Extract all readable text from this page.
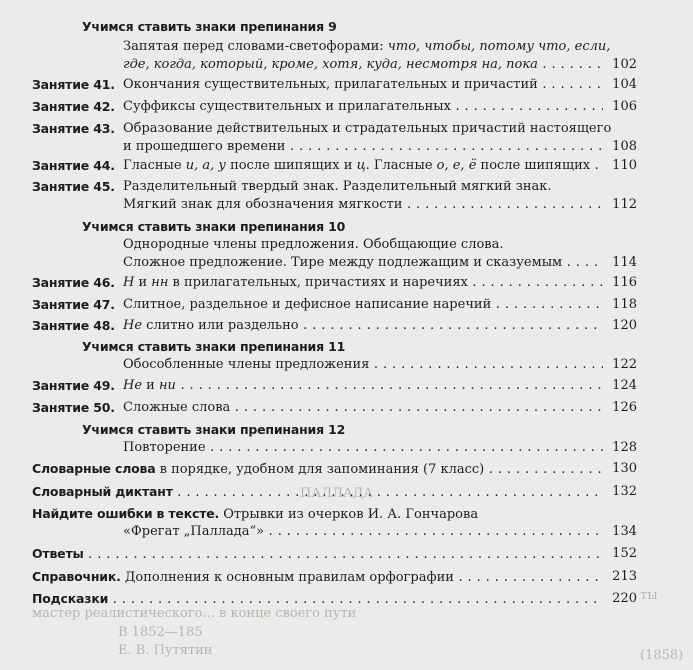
мастер реалистического... в конце своего пути
В 1852—185
Е. В. Путятин
ПАЛЛАДА
ты
(1858)
Учимся ставить знаки препинания 9
Запятая перед словами-светофорами: что, чтобы, потому что, если,
где, когда, который, кроме, хотя, куда, несмотря на, пока . . .	102
Занятие 41. Окончания существительных, прилагательных и причастий . . .	104
Занятие 42. Суффиксы существительных и прилагательных . . .	106
Занятие 43. Образование действительных и страдательных причастий настоящего
и прошедшего времени . . .	108
Занятие 44. Гласные и, а, у после шипящих и ц. Гласные о, е, ё после шипящих . . .	110
Занятие 45. Разделительный твердый знак. Разделительный мягкий знак.
Мягкий знак для обозначения мягкости . . .	112
Учимся ставить знаки препинания 10
Однородные члены предложения. Обобщающие слова.
Сложное предложение. Тире между подлежащим и сказуемым . . .	114
Занятие 46. Н и нн в прилагательных, причастиях и наречиях . . .	116
Занятие 47. Слитное, раздельное и дефисное написание наречий . . .	118
Занятие 48. Не слитно или раздельно . . .	120
Учимся ставить знаки препинания 11
Обособленные члены предложения . . .	122
Занятие 49. Не и ни . . .	124
Занятие 50. Сложные слова . . .	126
Учимся ставить знаки препинания 12
Повторение . . .	128
Словарные слова в порядке, удобном для запоминания (7 класс) . . .	130
Словарный диктант . . .	132
Найдите ошибки в тексте. Отрывки из очерков И. А. Гончарова
«Фрегат „Паллада“» . . .	134
Ответы . . .	152
Справочник. Дополнения к основным правилам орфографии . . .	213
Подсказки . . .	220
